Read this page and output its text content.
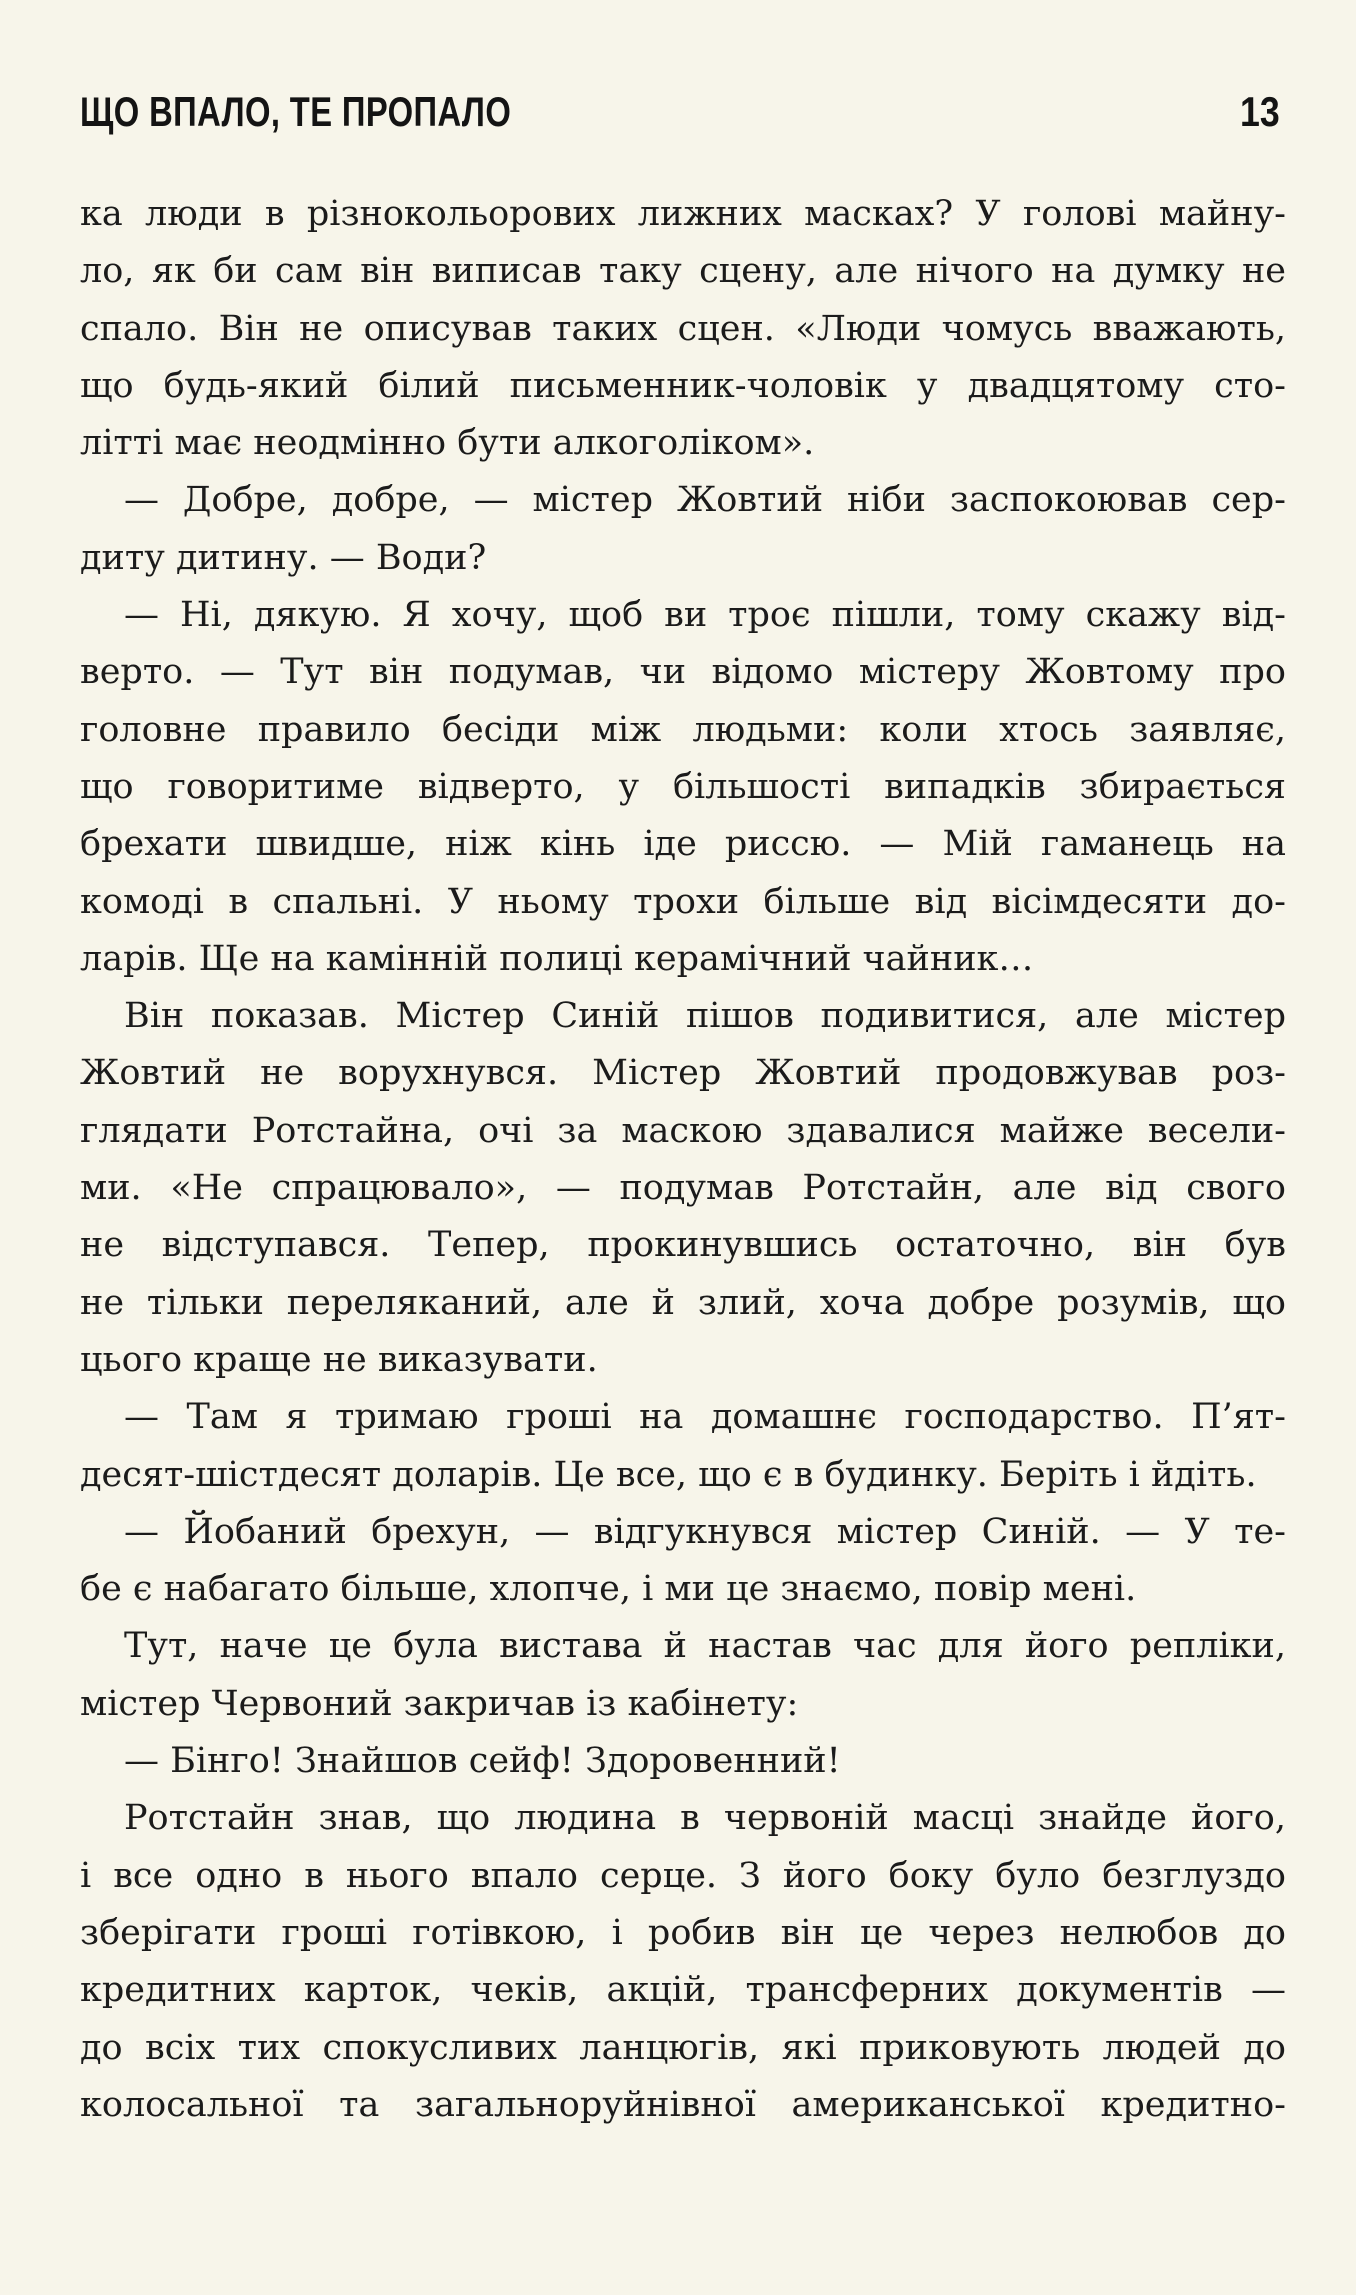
ЩО ВПАЛО, ТЕ ПРОПАЛО	13
ка люди в різнокольорових лижних масках? У голові майну-
ло, як би сам він виписав таку сцену, але нічого на думку не
спало. Він не описував таких сцен. «Люди чомусь вважають,
що будь-який білий письменник-чоловік у двадцятому сто-
літті має неодмінно бути алкоголіком».
— Добре, добре, — містер Жовтий ніби заспокоював сер-
диту дитину. — Води?
— Ні, дякую. Я хочу, щоб ви троє пішли, тому скажу від-
верто. — Тут він подумав, чи відомо містеру Жовтому про
головне правило бесіди між людьми: коли хтось заявляє,
що говоритиме відверто, у більшості випадків збирається
брехати швидше, ніж кінь іде риссю. — Мій гаманець на
комоді в спальні. У ньому трохи більше від вісімдесяти до-
ларів. Ще на камінній полиці керамічний чайник…
Він показав. Містер Синій пішов подивитися, але містер
Жовтий не ворухнувся. Містер Жовтий продовжував роз-
глядати Ротстайна, очі за маскою здавалися майже весели-
ми. «Не спрацювало», — подумав Ротстайн, але від свого
не відступався. Тепер, прокинувшись остаточно, він був
не тільки переляканий, але й злий, хоча добре розумів, що
цього краще не виказувати.
— Там я тримаю гроші на домашнє господарство. П’ят-
десят-шістдесят доларів. Це все, що є в будинку. Беріть і йдіть.
— Йобаний брехун, — відгукнувся містер Синій. — У те-
бе є набагато більше, хлопче, і ми це знаємо, повір мені.
Тут, наче це була вистава й настав час для його репліки,
містер Червоний закричав із кабінету:
— Бінго! Знайшов сейф! Здоровенний!
Ротстайн знав, що людина в червоній масці знайде його,
і все одно в нього впало серце. З його боку було безглуздо
зберігати гроші готівкою, і робив він це через нелюбов до
кредитних карток, чеків, акцій, трансферних документів —
до всіх тих спокусливих ланцюгів, які приковують людей до
колосальної та загальноруйнівної американської кредитно-
